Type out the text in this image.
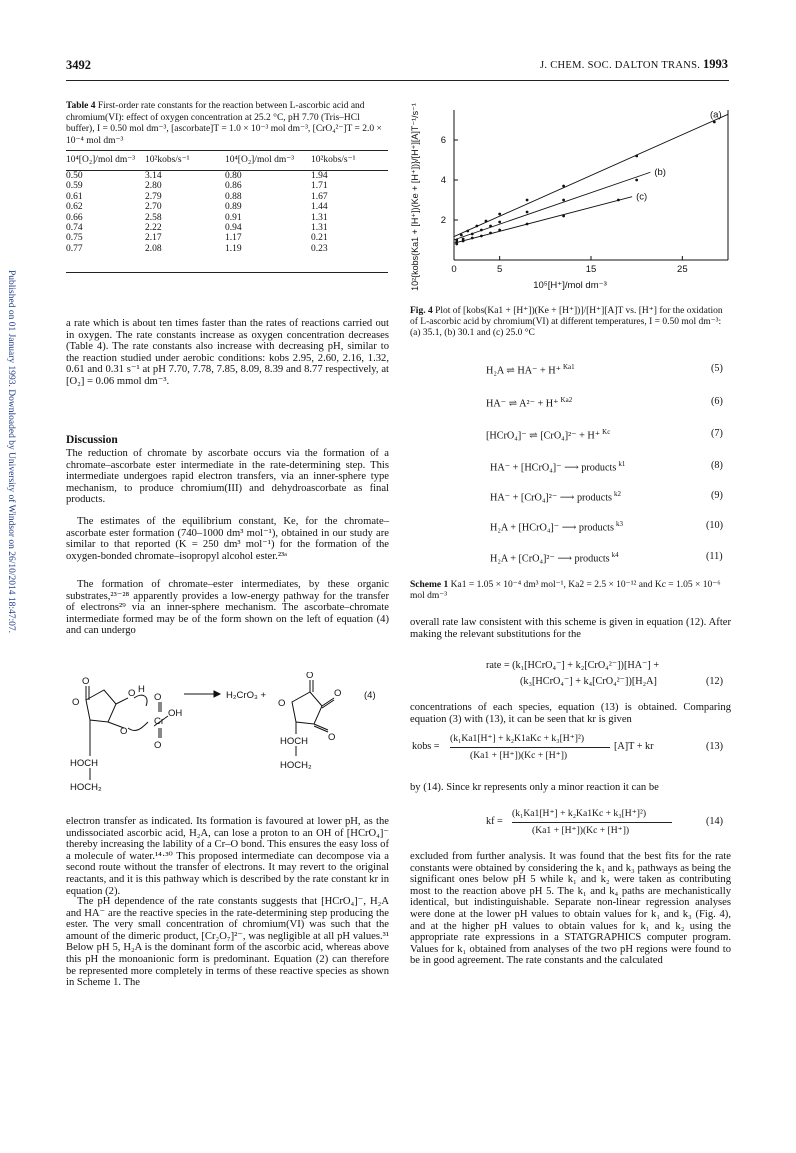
3492	J. CHEM. SOC. DALTON TRANS. 1993
Published on 01 January 1993. Downloaded by University of Windsor on 26/10/2014 18:47:07.
Table 4 First-order rate constants for the reaction between L-ascorbic acid and chromium(VI): effect of oxygen concentration at 25.2 °C, pH 7.70 (Tris–HCl buffer), I = 0.50 mol dm⁻³, [ascorbate]T = 1.0 × 10⁻³ mol dm⁻³, [CrO₄²⁻]T = 2.0 × 10⁻⁴ mol dm⁻³
10⁴[O₂]/mol dm⁻³	10²kobs/s⁻¹	10⁴[O₂]/mol dm⁻³	10²kobs/s⁻¹
0.50	3.14	0.80	1.94
0.59	2.80	0.86	1.71
0.61	2.79	0.88	1.67
0.62	2.70	0.89	1.44
0.66	2.58	0.91	1.31
0.74	2.22	0.94	1.31
0.75	2.17	1.17	0.21
0.77	2.08	1.19	0.23
a rate which is about ten times faster than the rates of reactions carried out in oxygen. The rate constants increase as oxygen concentration decreases (Table 4). The rate constants also increase with decreasing pH, similar to the reaction studied under aerobic conditions: kobs 2.95, 2.60, 2.16, 1.32, 0.61 and 0.31 s⁻¹ at pH 7.70, 7.78, 7.85, 8.09, 8.39 and 8.77 respectively, at [O₂] = 0.06 mmol dm⁻³.
Discussion
The reduction of chromate by ascorbate occurs via the formation of a chromate–ascorbate ester intermediate in the rate-determining step. This intermediate undergoes rapid electron transfers, via an inner-sphere type mechanism, to produce chromium(III) and dehydroascorbate as final products.
The estimates of the equilibrium constant, Ke, for the chromate–ascorbate ester formation (740–1000 dm³ mol⁻¹), obtained in our study are similar to that reported (K = 250 dm³ mol⁻¹) for the formation of the oxygen-bonded chromate–isopropyl alcohol ester.²³ᵃ
The formation of chromate–ester intermediates, by these organic substrates,²³⁻²⁸ apparently provides a low-energy pathway for the transfer of electrons²⁹ via an inner-sphere mechanism. The ascorbate–chromate intermediate formed may be of the form shown on the left of equation (4) and can undergo
O
O H
O
Cr
OH
O
O
O
HOCH
HOCH₂
H₂CrO₃ +
O
O
O
O
HOCH
HOCH₂
(4)
electron transfer as indicated. Its formation is favoured at lower pH, as the undissociated ascorbic acid, H₂A, can lose a proton to an OH of [HCrO₄]⁻ thereby increasing the lability of a Cr–O bond. This ensures the easy loss of a molecule of water.¹⁴·³⁰ This proposed intermediate can decompose via a second route without the transfer of electrons. It may revert to the original reactants, and it is this pathway which is described by the rate constant kr in equation (2).
The pH dependence of the rate constants suggests that [HCrO₄]⁻, H₂A and HA⁻ are the reactive species in the rate-determining step producing the ester. The very small concentration of chromium(VI) was such that the amount of the dimeric product, [Cr₂O₇]²⁻, was negligible at all pH values.³¹ Below pH 5, H₂A is the dominant form of the ascorbic acid, whereas above this pH the monoanionic form is predominant. Equation (2) can therefore be represented more completely in terms of these reactive species as shown in Scheme 1. The
0	5	15	25
2
4
6
(a)
(b)
(c)
10²{kobs(Ka1 + [H⁺])(Ke + [H⁺])}/[H⁺][A]T⁻¹/s⁻¹	10⁵[H⁺]/mol dm⁻³
Fig. 4 Plot of [kobs(Ka1 + [H⁺])(Ke + [H⁺])]/[H⁺][A]T vs. [H⁺] for the oxidation of L-ascorbic acid by chromium(VI) at different temperatures, I = 0.50 mol dm⁻³: (a) 35.1, (b) 30.1 and (c) 25.0 °C
H₂A ⇌ HA⁻ + H⁺ $^{Ka1}$	(5)
HA⁻ ⇌ A²⁻ + H⁺ $^{Ka2}$	(6)
[HCrO₄]⁻ ⇌ [CrO₄]²⁻ + H⁺ $^{Kc}$	(7)
HA⁻ + [HCrO₄]⁻ ⟶ products $^{k1}$	(8)
HA⁻ + [CrO₄]²⁻ ⟶ products $^{k2}$	(9)
H₂A + [HCrO₄]⁻ ⟶ products $^{k3}$	(10)
H₂A + [CrO₄]²⁻ ⟶ products $^{k4}$	(11)
Scheme 1 Ka1 = 1.05 × 10⁻⁴ dm³ mol⁻¹, Ka2 = 2.5 × 10⁻¹² and Kc = 1.05 × 10⁻⁶ mol dm⁻³
overall rate law consistent with this scheme is given in equation (12). After making the relevant substitutions for the
rate = (k₁[HCrO₄⁻] + k₂[CrO₄²⁻])[HA⁻] +
(k₃[HCrO₄⁻] + k₄[CrO₄²⁻])[H₂A]	(12)
concentrations of each species, equation (13) is obtained. Comparing equation (3) with (13), it can be seen that kr is given
kobs =
(k₁Ka1[H⁺] + k₂K1aKc + k₃[H⁺]²)
(Ka1 + [H⁺])(Kc + [H⁺])
[A]T + kr	(13)
by (14). Since kr represents only a minor reaction it can be
kf =
(k₁Ka1[H⁺] + k₂Ka1Kc + k₃[H⁺]²)
(Ka1 + [H⁺])(Kc + [H⁺])
(14)
excluded from further analysis. It was found that the best fits for the rate constants were obtained by considering the k₁ and k₃ pathways as being the significant ones below pH 5 while k₁ and k₂ were taken as contributing most to the reaction above pH 5. The k₁ and k₄ paths are mechanistically identical, but indistinguishable. Separate non-linear regression analyses were done at the lower pH values to obtain values for k₁ and k₃ (Fig. 4), and at the higher pH values to obtain values for k₁ and k₂ using the appropriate rate expressions in a STATGRAPHICS computer program. Values for k₁ obtained from analyses of the two pH regions were found to be in good agreement. The rate constants and the calculated
